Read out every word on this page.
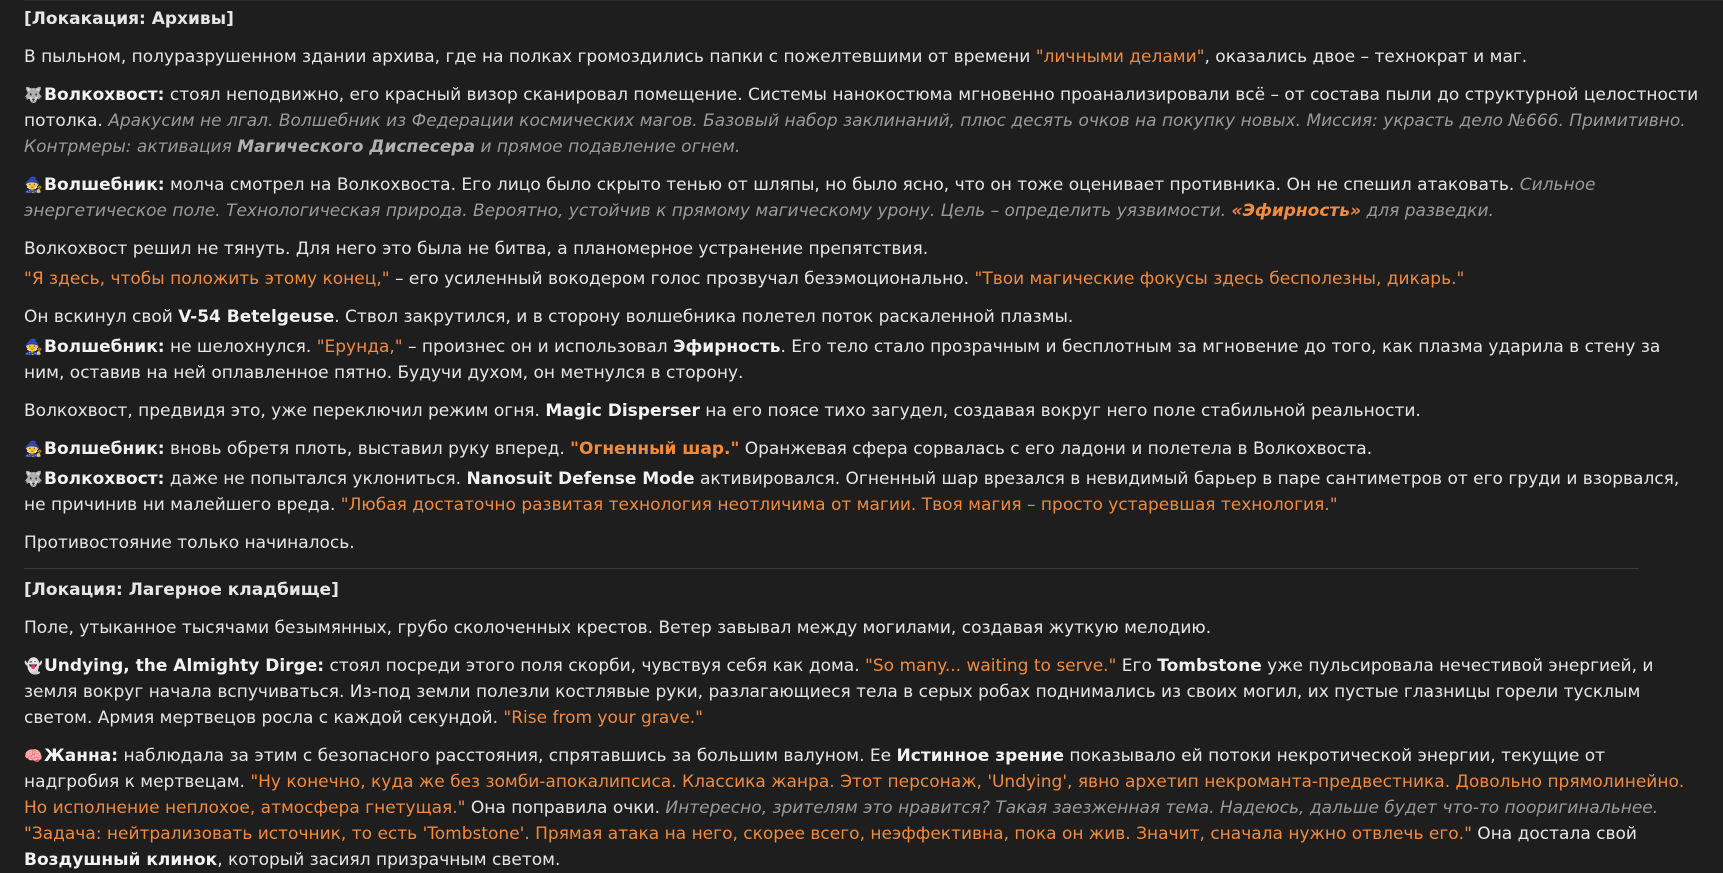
[Локакация: Архивы]
В пыльном, полуразрушенном здании архива, где на полках громоздились папки с пожелтевшими от времени "личными делами", оказались двое – технократ и маг.
🐺Волкохвост: стоял неподвижно, его красный визор сканировал помещение. Системы нанокостюма мгновенно проанализировали всё – от состава пыли до структурной целостности потолка. Аракусим не лгал. Волшебник из Федерации космических магов. Базовый набор заклинаний, плюс десять очков на покупку новых. Миссия: украсть дело №666. Примитивно. Контрмеры: активация Магического Диспесера и прямое подавление огнем.
🧙Волшебник: молча смотрел на Волкохвоста. Его лицо было скрыто тенью от шляпы, но было ясно, что он тоже оценивает противника. Он не спешил атаковать. Сильное энергетическое поле. Технологическая природа. Вероятно, устойчив к прямому магическому урону. Цель – определить уязвимости. «Эфирность» для разведки.
Волкохвост решил не тянуть. Для него это была не битва, а планомерное устранение препятствия.
"Я здесь, чтобы положить этому конец," – его усиленный вокодером голос прозвучал безэмоционально. "Твои магические фокусы здесь бесполезны, дикарь."
Он вскинул свой V-54 Betelgeuse. Ствол закрутился, и в сторону волшебника полетел поток раскаленной плазмы.
🧙Волшебник: не шелохнулся. "Ерунда," – произнес он и использовал Эфирность. Его тело стало прозрачным и бесплотным за мгновение до того, как плазма ударила в стену за ним, оставив на ней оплавленное пятно. Будучи духом, он метнулся в сторону.
Волкохвост, предвидя это, уже переключил режим огня. Magic Disperser на его поясе тихо загудел, создавая вокруг него поле стабильной реальности.
🧙Волшебник: вновь обретя плоть, выставил руку вперед. "Огненный шар." Оранжевая сфера сорвалась с его ладони и полетела в Волкохвоста.
🐺Волкохвост: даже не попытался уклониться. Nanosuit Defense Mode активировался. Огненный шар врезался в невидимый барьер в паре сантиметров от его груди и взорвался, не причинив ни малейшего вреда. "Любая достаточно развитая технология неотличима от магии. Твоя магия – просто устаревшая технология."
Противостояние только начиналось.
[Локация: Лагерное кладбище]
Поле, утыканное тысячами безымянных, грубо сколоченных крестов. Ветер завывал между могилами, создавая жуткую мелодию.
👻Undying, the Almighty Dirge: стоял посреди этого поля скорби, чувствуя себя как дома. "So many... waiting to serve." Его Tombstone уже пульсировала нечестивой энергией, и земля вокруг начала вспучиваться. Из-под земли полезли костлявые руки, разлагающиеся тела в серых робах поднимались из своих могил, их пустые глазницы горели тусклым светом. Армия мертвецов росла с каждой секундой. "Rise from your grave."
🧠Жанна: наблюдала за этим с безопасного расстояния, спрятавшись за большим валуном. Ее Истинное зрение показывало ей потоки некротической энергии, текущие от надгробия к мертвецам. "Ну конечно, куда же без зомби-апокалипсиса. Классика жанра. Этот персонаж, 'Undying', явно архетип некроманта-предвестника. Довольно прямолинейно. Но исполнение неплохое, атмосфера гнетущая." Она поправила очки. Интересно, зрителям это нравится? Такая заезженная тема. Надеюсь, дальше будет что-то пооригинальнее. "Задача: нейтрализовать источник, то есть 'Tombstone'. Прямая атака на него, скорее всего, неэффективна, пока он жив. Значит, сначала нужно отвлечь его." Она достала свой Воздушный клинок, который засиял призрачным светом.
